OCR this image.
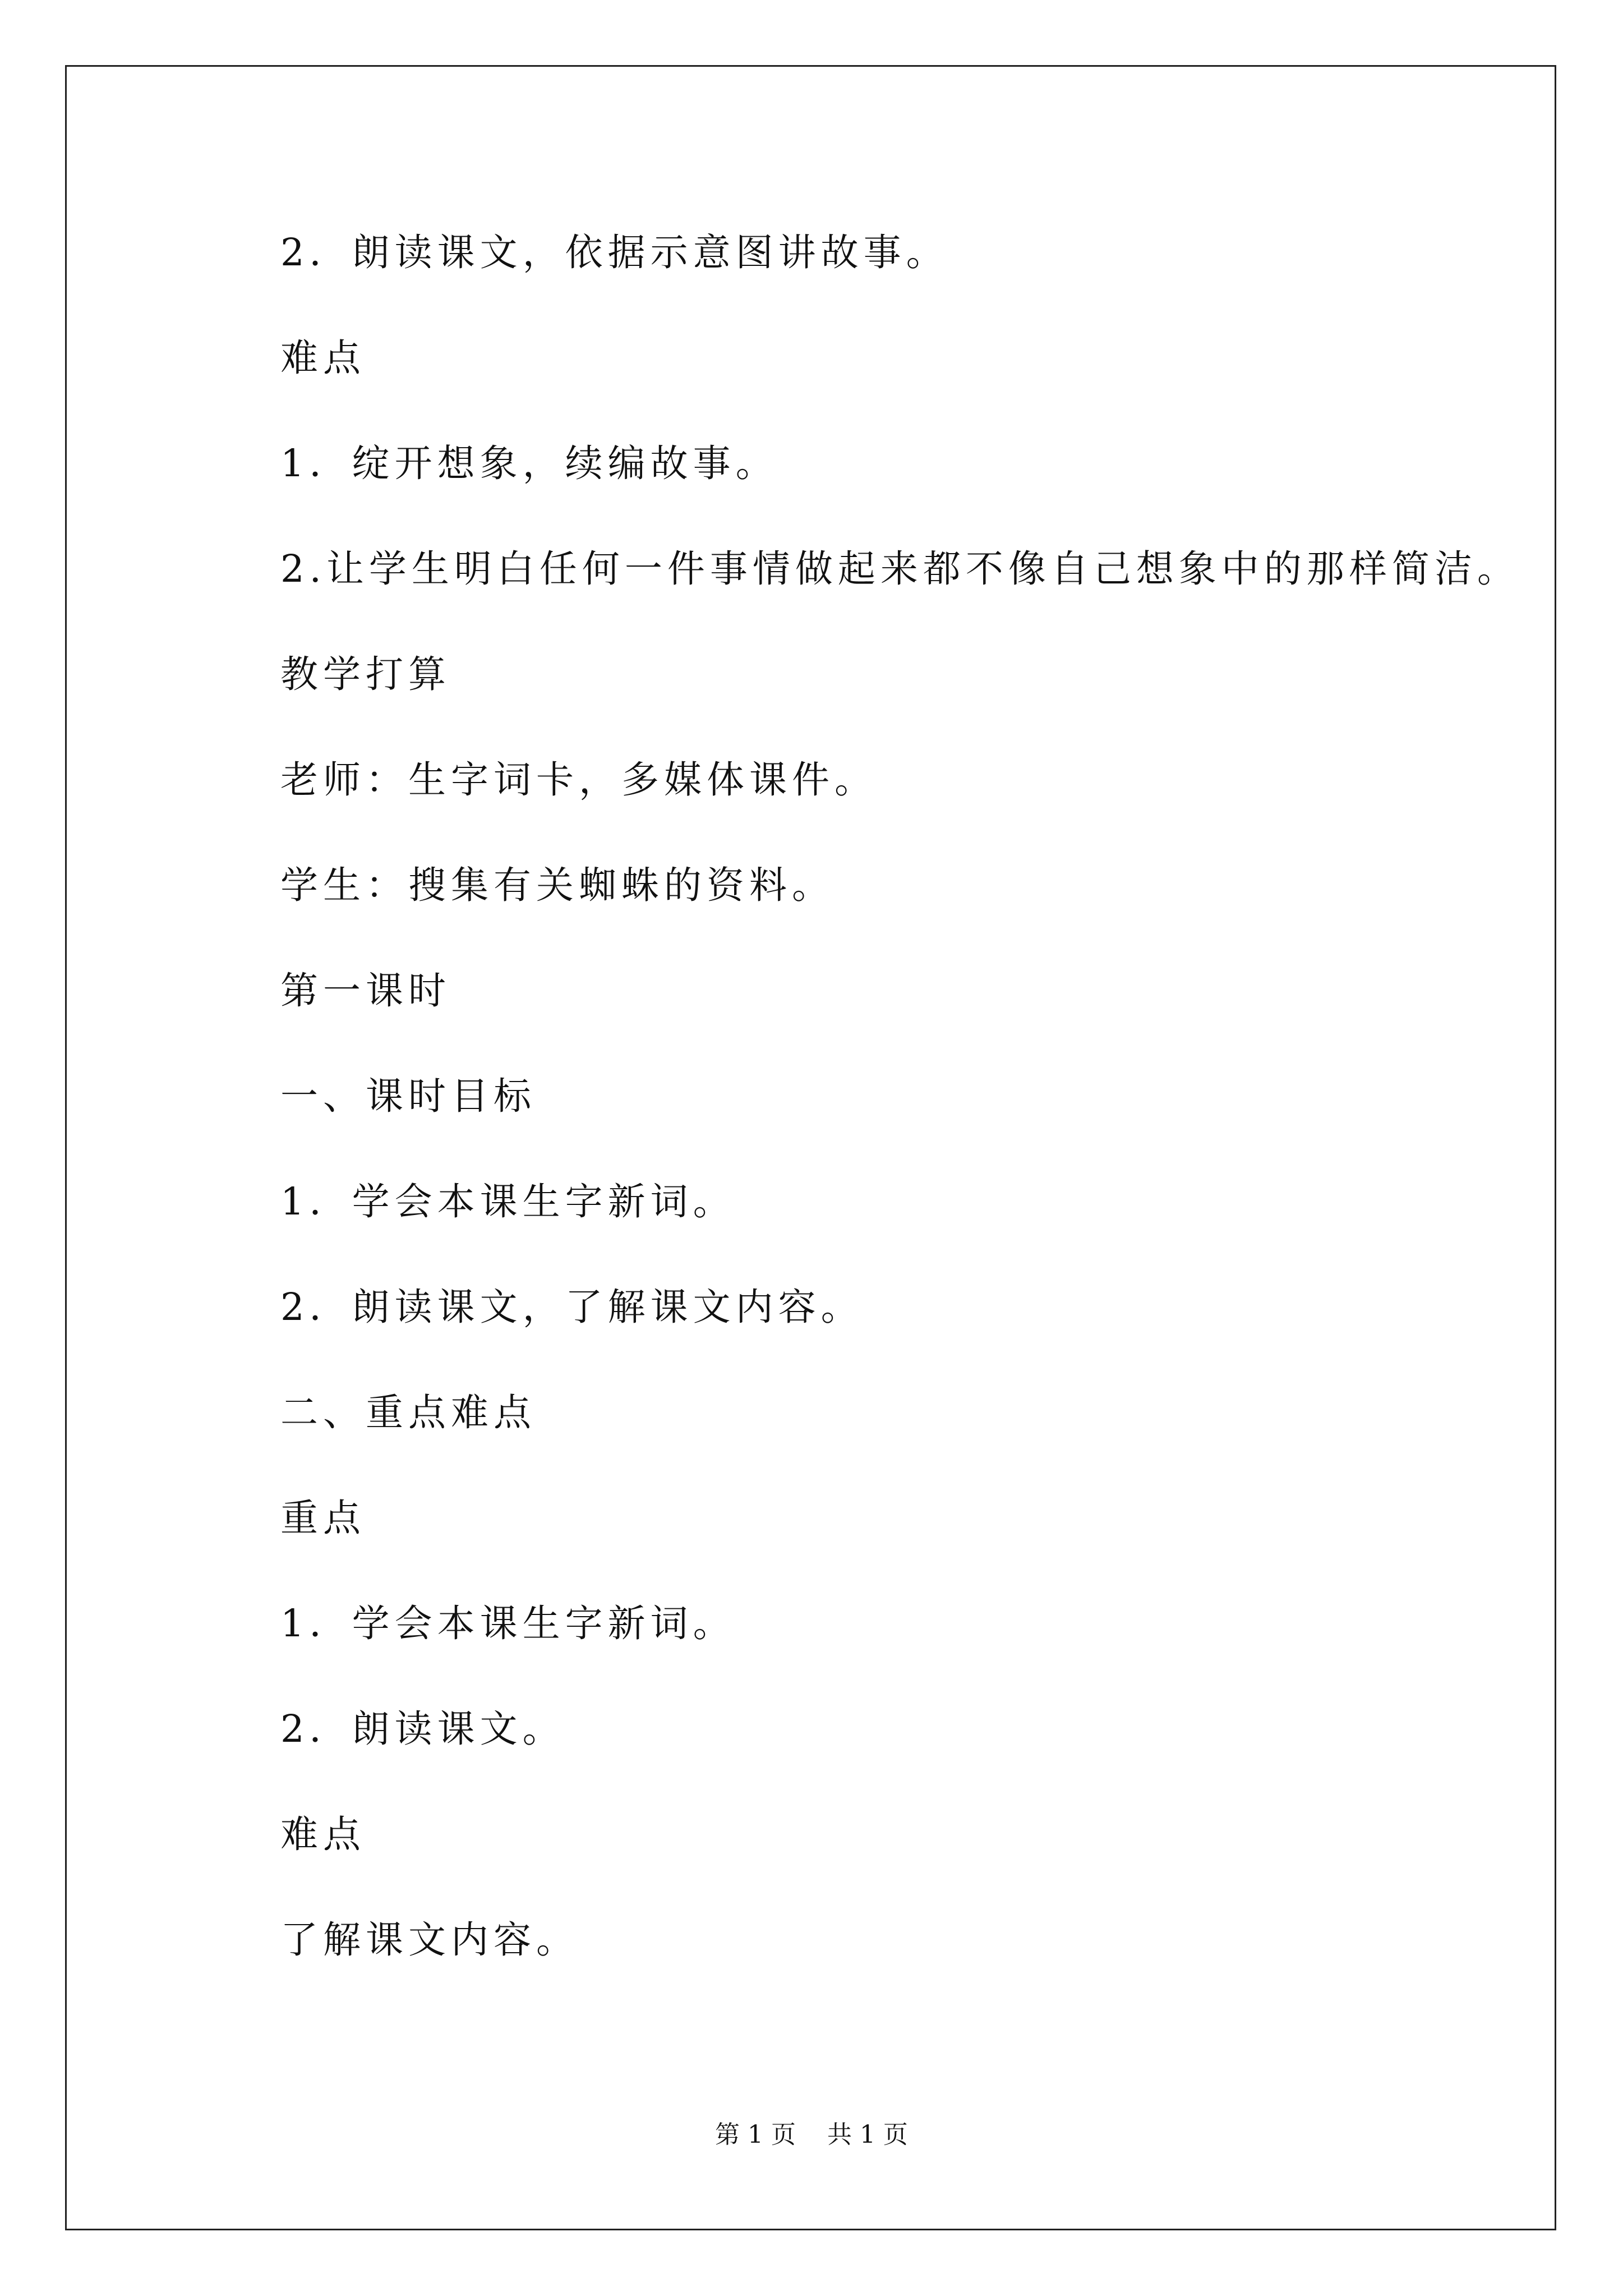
2．朗读课文，依据示意图讲故事。
难点
1．绽开想象，续编故事。
2.让学生明白任何一件事情做起来都不像自己想象中的那样简洁。
教学打算
老师：生字词卡，多媒体课件。
学生：搜集有关蜘蛛的资料。
第一课时
一、课时目标
1．学会本课生字新词。
2．朗读课文，了解课文内容。
二、重点难点
重点
1．学会本课生字新词。
2．朗读课文。
难点
了解课文内容。
第 1 页    共 1 页
